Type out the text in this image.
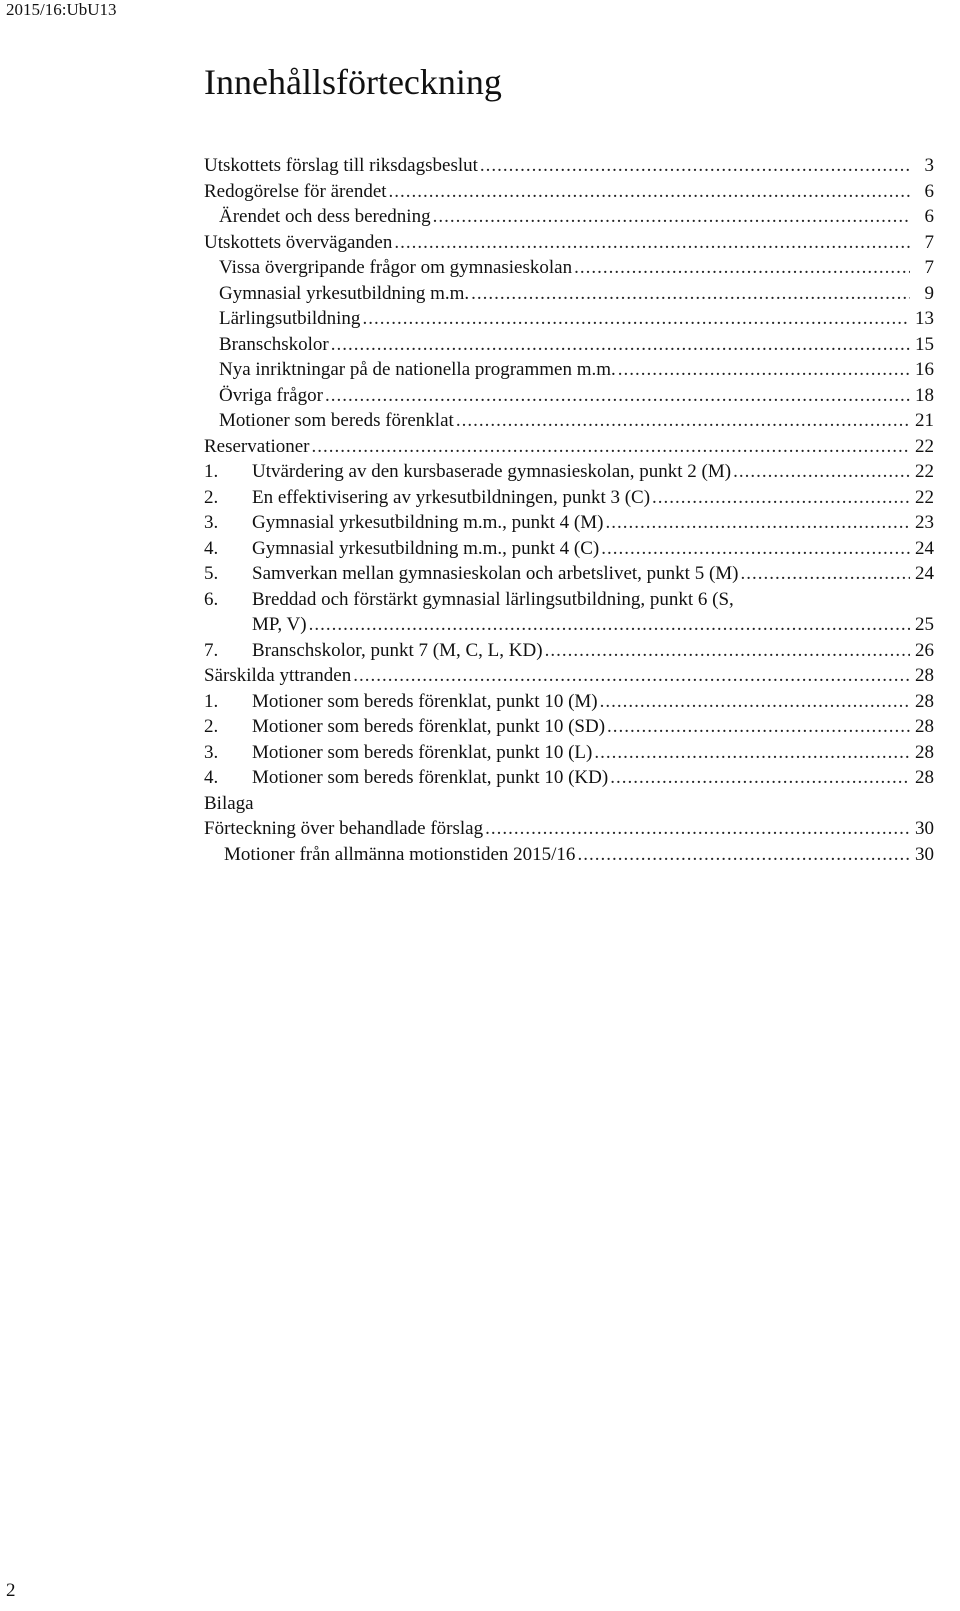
2015/16:UbU13
Innehållsförteckning
Utskottets förslag till riksdagsbeslut .....	3
Redogörelse för ärendet .....	6
Ärendet och dess beredning .....	6
Utskottets överväganden .....	7
Vissa övergripande frågor om gymnasieskolan .....	7
Gymnasial yrkesutbildning m.m. .....	9
Lärlingsutbildning .....	13
Branschskolor .....	15
Nya inriktningar på de nationella programmen m.m. .....	16
Övriga frågor .....	18
Motioner som bereds förenklat .....	21
Reservationer .....	22
1.	Utvärdering av den kursbaserade gymnasieskolan, punkt 2 (M) .....	22
2.	En effektivisering av yrkesutbildningen, punkt 3 (C) .....	22
3.	Gymnasial yrkesutbildning m.m., punkt 4 (M) .....	23
4.	Gymnasial yrkesutbildning m.m., punkt 4 (C) .....	24
5.	Samverkan mellan gymnasieskolan och arbetslivet, punkt 5 (M) .....	24
6.	Breddad och förstärkt gymnasial lärlingsutbildning, punkt 6 (S,
MP, V) .....	25
7.	Branschskolor, punkt 7 (M, C, L, KD) .....	26
Särskilda yttranden .....	28
1.	Motioner som bereds förenklat, punkt 10 (M) .....	28
2.	Motioner som bereds förenklat, punkt 10 (SD) .....	28
3.	Motioner som bereds förenklat, punkt 10 (L) .....	28
4.	Motioner som bereds förenklat, punkt 10 (KD) .....	28
Bilaga
Förteckning över behandlade förslag .....	30
Motioner från allmänna motionstiden 2015/16 .....	30
2
